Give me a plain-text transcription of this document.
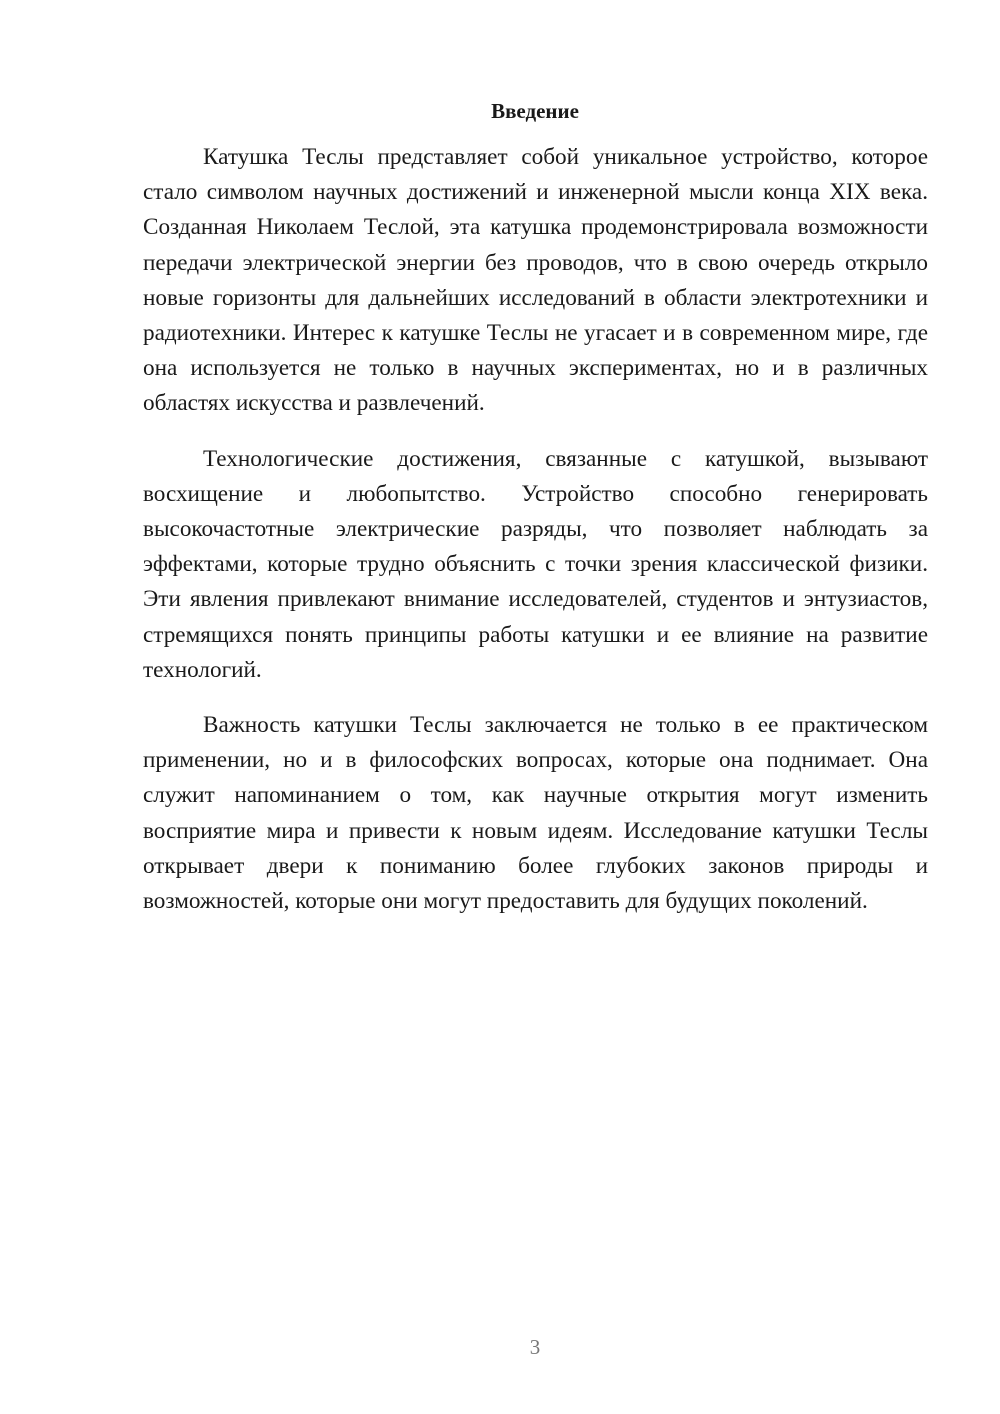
Введение

Катушка Теслы представляет собой уникальное устройство, которое стало символом научных достижений и инженерной мысли конца XIX века. Созданная Николаем Теслой, эта катушка продемонстрировала возможности передачи электрической энергии без проводов, что в свою очередь открыло новые горизонты для дальнейших исследований в области электротехники и радиотехники. Интерес к катушке Теслы не угасает и в современном мире, где она используется не только в научных экспериментах, но и в различных областях искусства и развлечений.

Технологические достижения, связанные с катушкой, вызывают восхищение и любопытство. Устройство способно генерировать высокочастотные электрические разряды, что позволяет наблюдать за эффектами, которые трудно объяснить с точки зрения классической физики. Эти явления привлекают внимание исследователей, студентов и энтузиастов, стремящихся понять принципы работы катушки и ее влияние на развитие технологий.

Важность катушки Теслы заключается не только в ее практическом применении, но и в философских вопросах, которые она поднимает. Она служит напоминанием о том, как научные открытия могут изменить восприятие мира и привести к новым идеям. Исследование катушки Теслы открывает двери к пониманию более глубоких законов природы и возможностей, которые они могут предоставить для будущих поколений.

3
